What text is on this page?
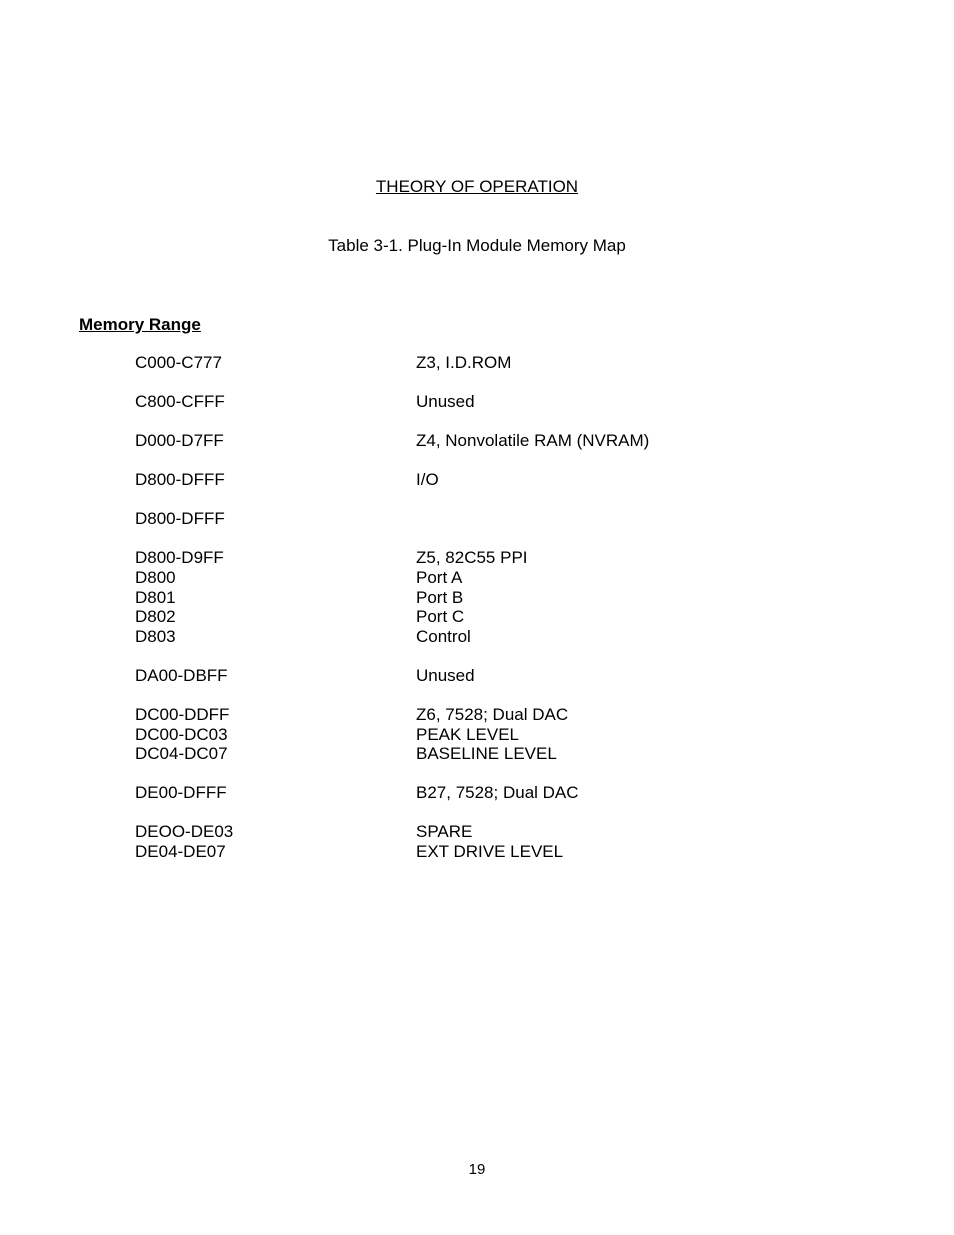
THEORY OF OPERATION
Table 3-1. Plug-In Module Memory Map
Memory Range
C000-C777	Z3, I.D.ROM
C800-CFFF	Unused
D000-D7FF	Z4, Nonvolatile RAM (NVRAM)
D800-DFFF	I/O
D800-DFFF
D800-D9FF	Z5, 82C55 PPI
D800	Port A
D801	Port B
D802	Port C
D803	Control
DA00-DBFF	Unused
DC00-DDFF	Z6, 7528; Dual DAC
DC00-DC03	PEAK LEVEL
DC04-DC07	BASELINE LEVEL
DE00-DFFF	B27, 7528; Dual DAC
DEOO-DE03	SPARE
DE04-DE07	EXT DRIVE LEVEL
19
